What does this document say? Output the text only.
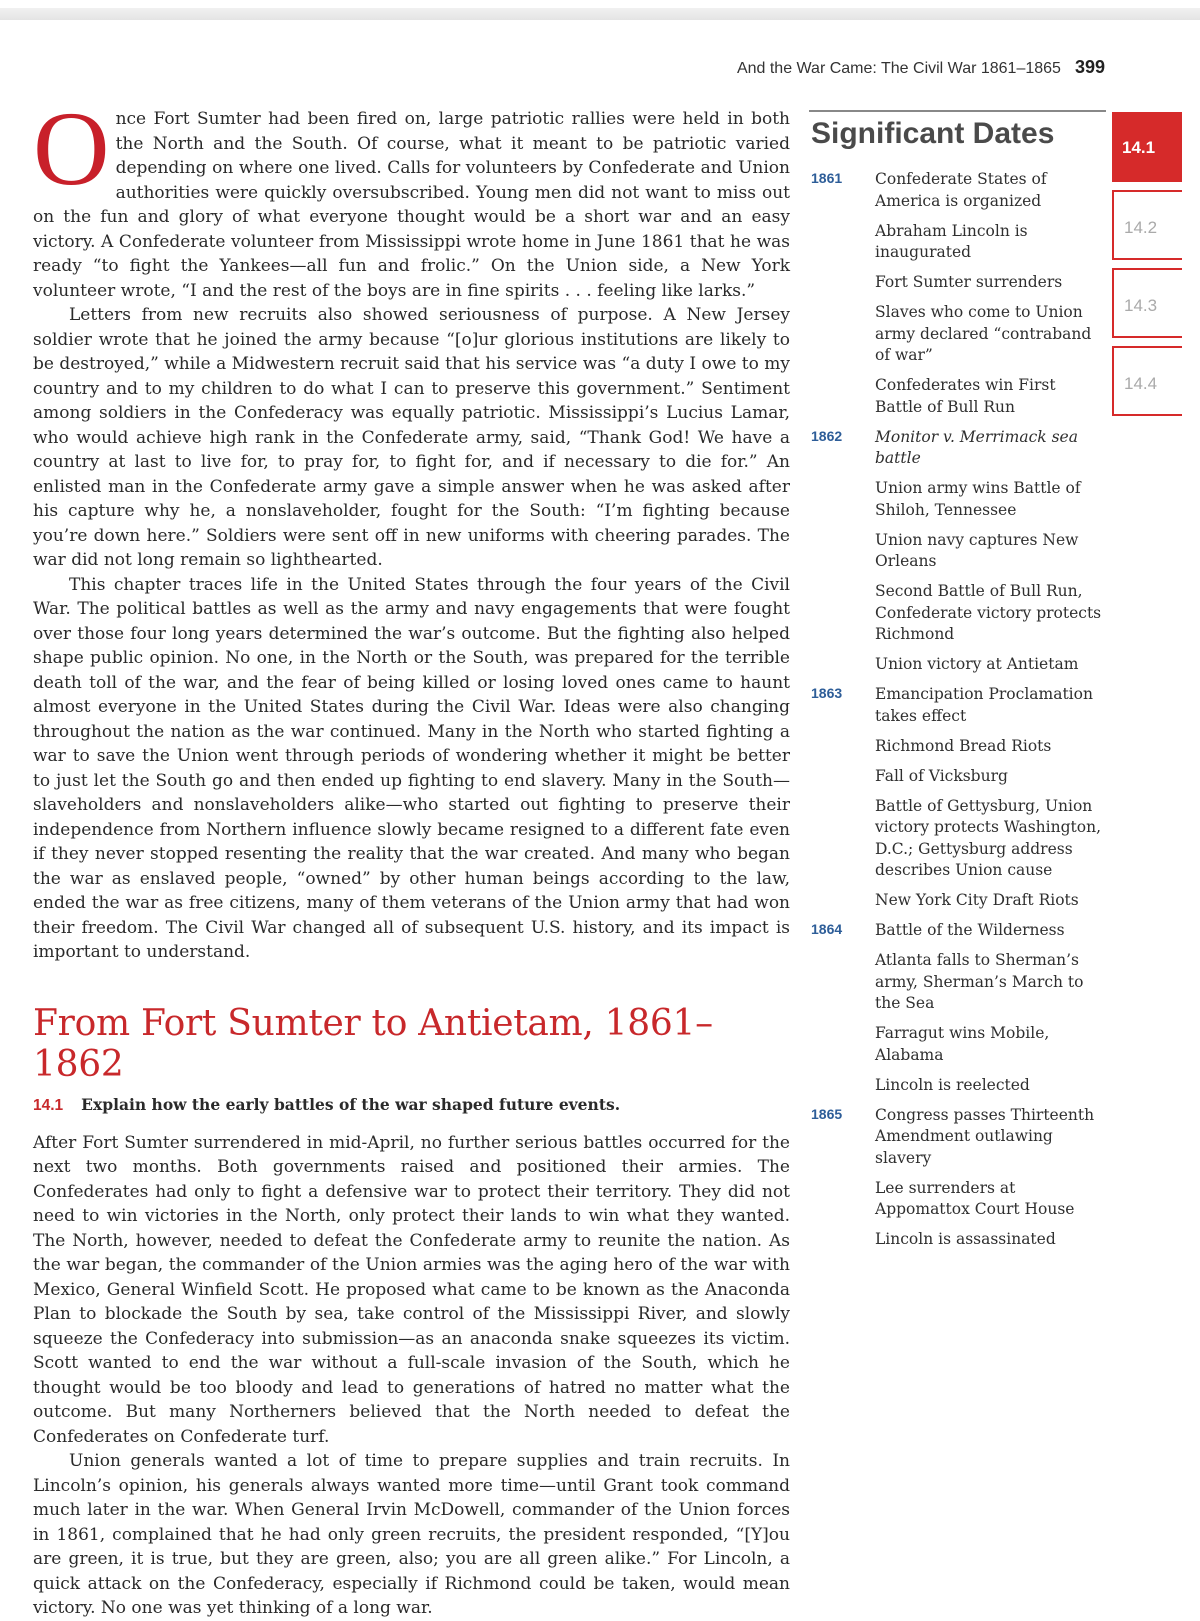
And the War Came: The Civil War 1861–1865 399

Once Fort Sumter had been fired on, large patriotic rallies were held in both the North and the South. Of course, what it meant to be patriotic varied depending on where one lived. Calls for volunteers by Confederate and Union authorities were quickly oversubscribed. Young men did not want to miss out on the fun and glory of what everyone thought would be a short war and an easy victory. A Confederate volunteer from Mississippi wrote home in June 1861 that he was ready “to fight the Yankees—all fun and frolic.” On the Union side, a New York volunteer wrote, “I and the rest of the boys are in fine spirits . . . feeling like larks.”

Letters from new recruits also showed seriousness of purpose. A New Jersey soldier wrote that he joined the army because “[o]ur glorious institutions are likely to be destroyed,” while a Midwestern recruit said that his service was “a duty I owe to my country and to my children to do what I can to preserve this government.” Sentiment among soldiers in the Confederacy was equally patriotic. Mississippi’s Lucius Lamar, who would achieve high rank in the Confederate army, said, “Thank God! We have a country at last to live for, to pray for, to fight for, and if necessary to die for.” An enlisted man in the Confederate army gave a simple answer when he was asked after his capture why he, a nonslaveholder, fought for the South: “I’m fighting because you’re down here.” Soldiers were sent off in new uniforms with cheering parades. The war did not long remain so lighthearted.

This chapter traces life in the United States through the four years of the Civil War. The political battles as well as the army and navy engagements that were fought over those four long years determined the war’s outcome. But the fighting also helped shape public opinion. No one, in the North or the South, was prepared for the terrible death toll of the war, and the fear of being killed or losing loved ones came to haunt almost everyone in the United States during the Civil War. Ideas were also changing throughout the nation as the war continued. Many in the North who started fighting a war to save the Union went through periods of wondering whether it might be better to just let the South go and then ended up fighting to end slavery. Many in the South—slaveholders and nonslaveholders alike—who started out fighting to preserve their independence from Northern influence slowly became resigned to a different fate even if they never stopped resenting the reality that the war created. And many who began the war as enslaved people, “owned” by other human beings according to the law, ended the war as free citizens, many of them veterans of the Union army that had won their freedom. The Civil War changed all of subsequent U.S. history, and its impact is important to understand.

From Fort Sumter to Antietam, 1861–1862

14.1 Explain how the early battles of the war shaped future events.

After Fort Sumter surrendered in mid-April, no further serious battles occurred for the next two months. Both governments raised and positioned their armies. The Confederates had only to fight a defensive war to protect their territory. They did not need to win victories in the North, only protect their lands to win what they wanted. The North, however, needed to defeat the Confederate army to reunite the nation. As the war began, the commander of the Union armies was the aging hero of the war with Mexico, General Winfield Scott. He proposed what came to be known as the Anaconda Plan to blockade the South by sea, take control of the Mississippi River, and slowly squeeze the Confederacy into submission—as an anaconda snake squeezes its victim. Scott wanted to end the war without a full-scale invasion of the South, which he thought would be too bloody and lead to generations of hatred no matter what the outcome. But many Northerners believed that the North needed to defeat the Confederates on Confederate turf.

Union generals wanted a lot of time to prepare supplies and train recruits. In Lincoln’s opinion, his generals always wanted more time—until Grant took command much later in the war. When General Irvin McDowell, commander of the Union forces in 1861, complained that he had only green recruits, the president responded, “[Y]ou are green, it is true, but they are green, also; you are all green alike.” For Lincoln, a quick attack on the Confederacy, especially if Richmond could be taken, would mean victory. No one was yet thinking of a long war.

Significant Dates
1861 Confederate States of America is organized

Abraham Lincoln is inaugurated

Fort Sumter surrenders

Slaves who come to Union army declared “contraband of war”

Confederates win First Battle of Bull Run

1862 Monitor v. Merrimack sea battle

Union army wins Battle of Shiloh, Tennessee

Union navy captures New Orleans

Second Battle of Bull Run, Confederate victory protects Richmond

Union victory at Antietam

1863 Emancipation Proclamation takes effect

Richmond Bread Riots

Fall of Vicksburg

Battle of Gettysburg, Union victory protects Washington, D.C.; Gettysburg address describes Union cause

New York City Draft Riots

1864 Battle of the Wilderness

Atlanta falls to Sherman’s army, Sherman’s March to the Sea

Farragut wins Mobile, Alabama

Lincoln is reelected

1865 Congress passes Thirteenth Amendment outlawing slavery

Lee surrenders at Appomattox Court House

Lincoln is assassinated

14.1
14.2
14.3
14.4
